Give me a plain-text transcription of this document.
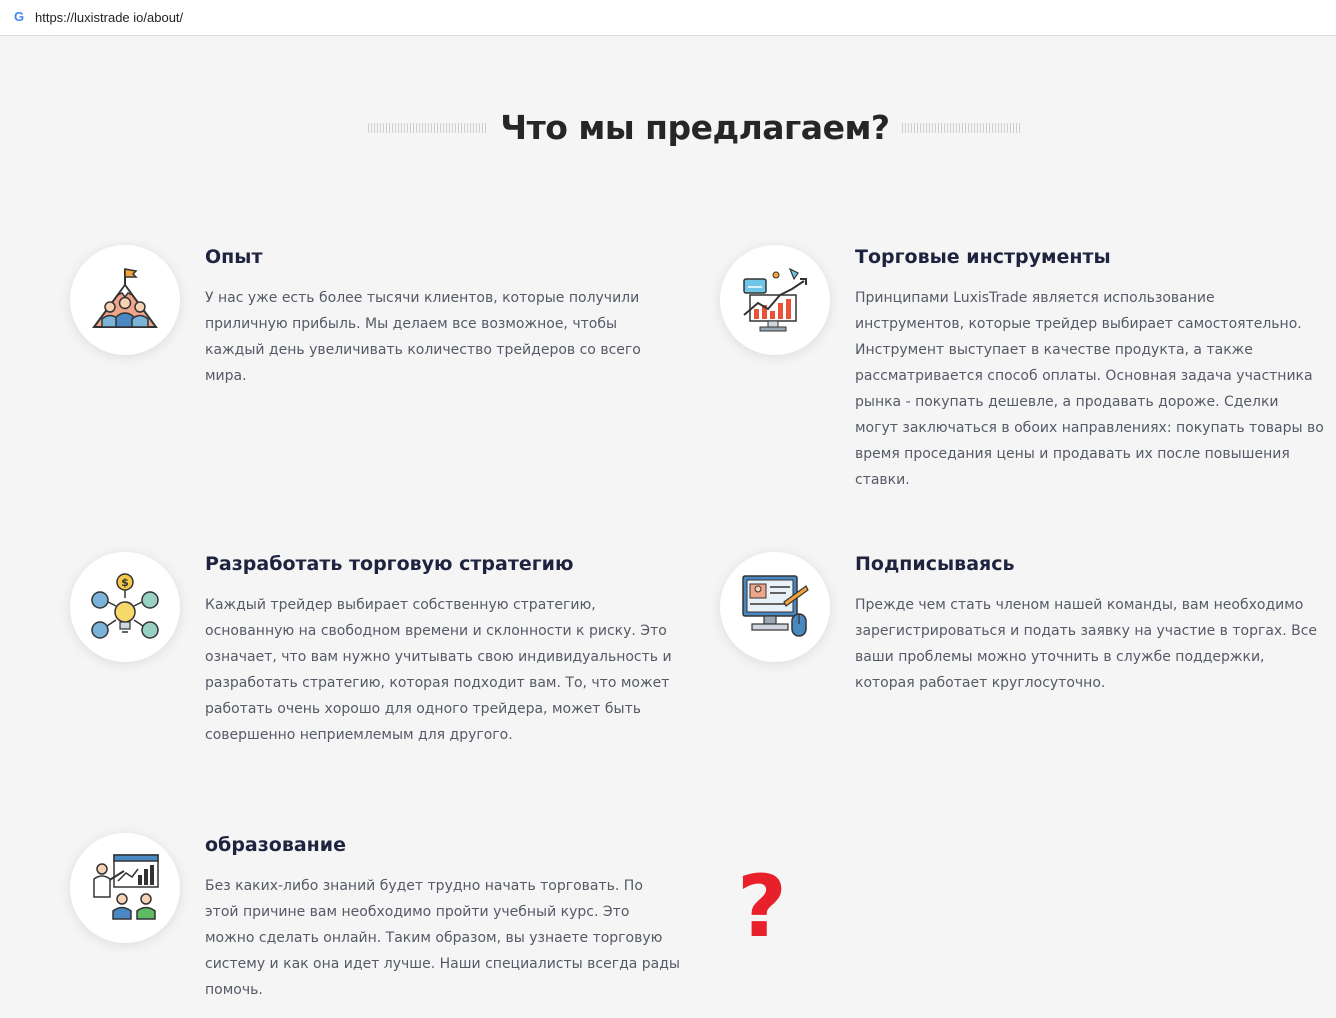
G https://luxistrade io/about/
Что мы предлагаем?
Опыт

У нас уже есть более тысячи клиентов, которые получили приличную прибыль. Мы делаем все возможное, чтобы каждый день увеличивать количество трейдеров со всего мира.

Торговые инструменты

Принципами LuxisTrade является использование инструментов, которые трейдер выбирает самостоятельно. Инструмент выступает в качестве продукта, а также рассматривается способ оплаты. Основная задача участника рынка - покупать дешевле, а продавать дороже. Сделки могут заключаться в обоих направлениях: покупать товары во время проседания цены и продавать их после повышения ставки.

$
Разработать торговую стратегию

Каждый трейдер выбирает собственную стратегию, основанную на свободном времени и склонности к риску. Это означает, что вам нужно учитывать свою индивидуальность и разработать стратегию, которая подходит вам. То, что может работать очень хорошо для одного трейдера, может быть совершенно неприемлемым для другого.

Подписываясь

Прежде чем стать членом нашей команды, вам необходимо зарегистрироваться и подать заявку на участие в торгах. Все ваши проблемы можно уточнить в службе поддержки, которая работает круглосуточно.

образование

Без каких-либо знаний будет трудно начать торговать. По этой причине вам необходимо пройти учебный курс. Это можно сделать онлайн. Таким образом, вы узнаете торговую систему и как она идет лучше. Наши специалисты всегда рады помочь.

?
